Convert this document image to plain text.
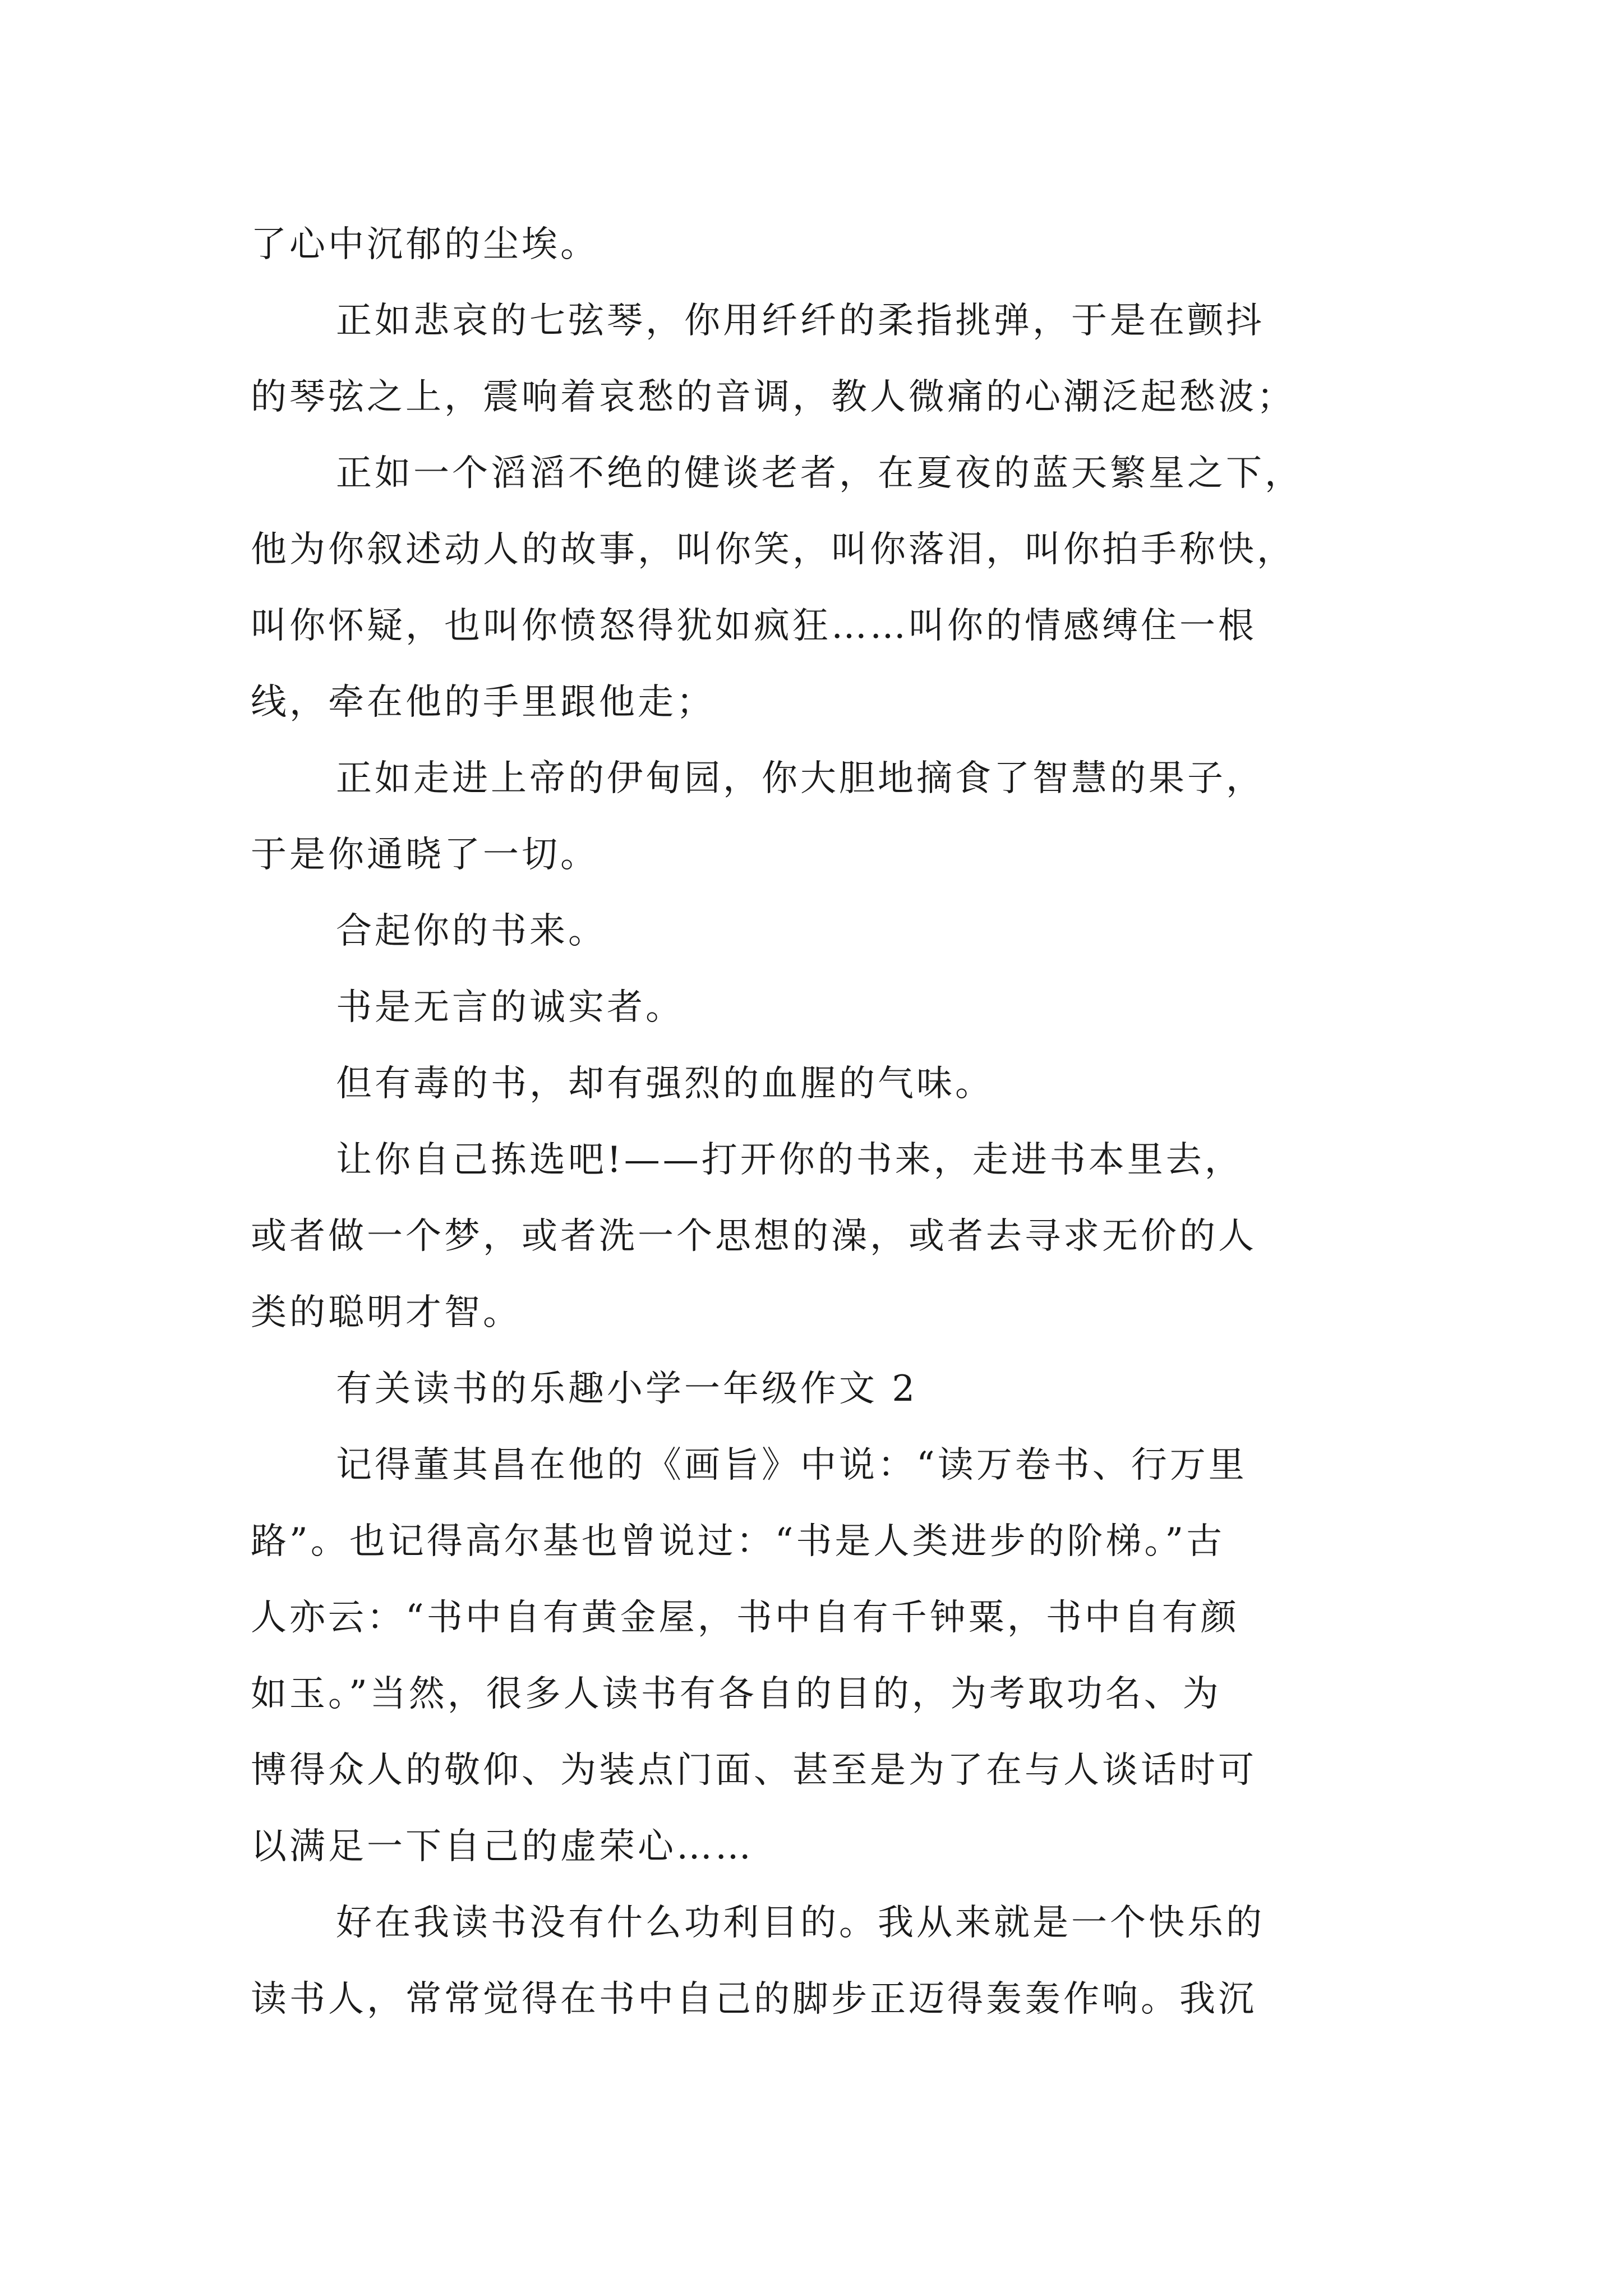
了心中沉郁的尘埃。

正如悲哀的七弦琴，你用纤纤的柔指挑弹，于是在颤抖

的琴弦之上，震响着哀愁的音调，教人微痛的心潮泛起愁波；

正如一个滔滔不绝的健谈老者，在夏夜的蓝天繁星之下，

他为你叙述动人的故事，叫你笑，叫你落泪，叫你拍手称快，

叫你怀疑，也叫你愤怒得犹如疯狂……叫你的情感缚住一根

线，牵在他的手里跟他走；

正如走进上帝的伊甸园，你大胆地摘食了智慧的果子，

于是你通晓了一切。

合起你的书来。

书是无言的诚实者。

但有毒的书，却有强烈的血腥的气味。

让你自己拣选吧!——打开你的书来，走进书本里去，

或者做一个梦，或者洗一个思想的澡，或者去寻求无价的人

类的聪明才智。

有关读书的乐趣小学一年级作文 2

记得董其昌在他的《画旨》中说：“读万卷书、行万里

路”。也记得高尔基也曾说过：“书是人类进步的阶梯。”古

人亦云：“书中自有黄金屋，书中自有千钟粟，书中自有颜

如玉。”当然，很多人读书有各自的目的，为考取功名、为

博得众人的敬仰、为装点门面、甚至是为了在与人谈话时可

以满足一下自己的虚荣心……

好在我读书没有什么功利目的。我从来就是一个快乐的

读书人，常常觉得在书中自己的脚步正迈得轰轰作响。我沉
